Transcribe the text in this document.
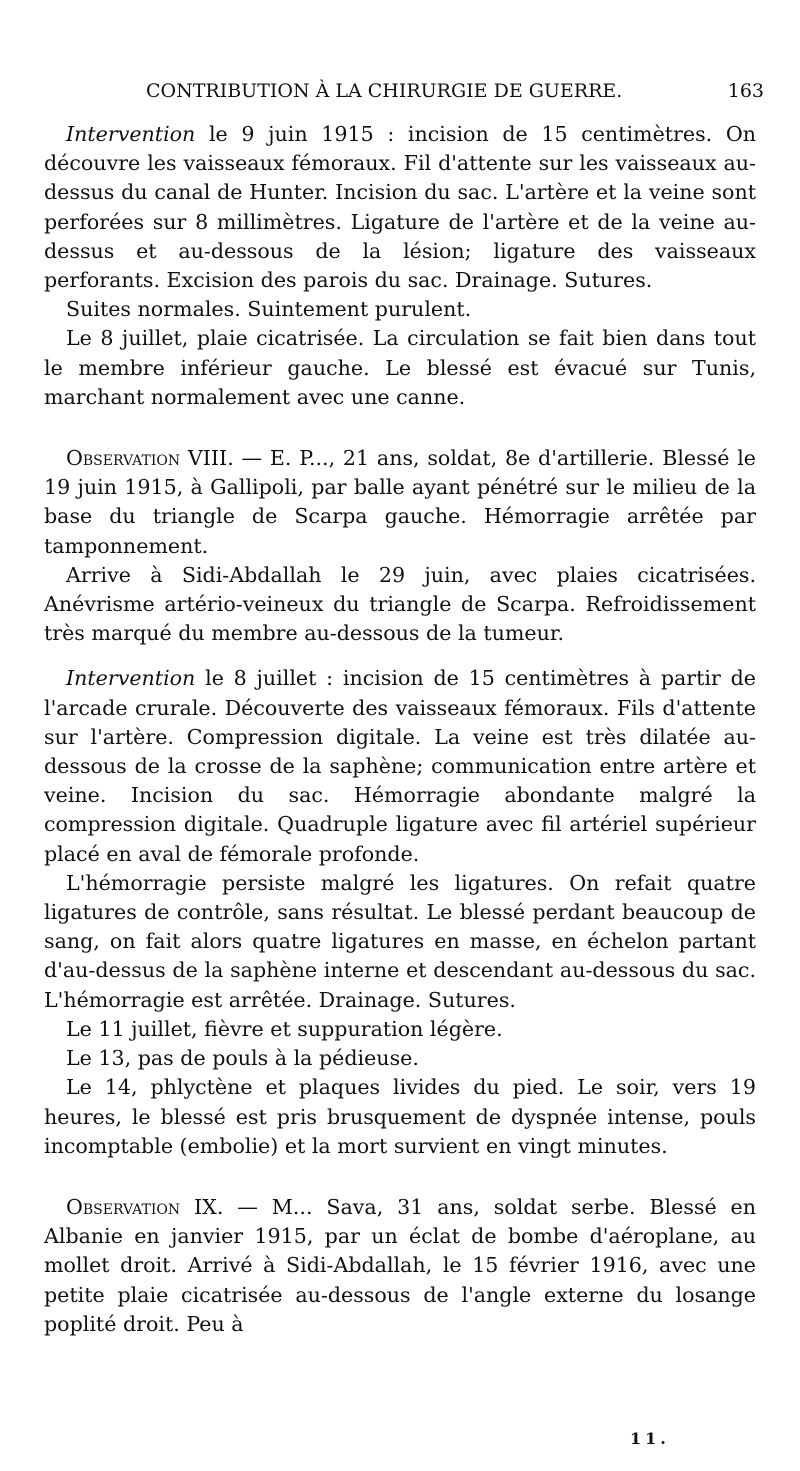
CONTRIBUTION À LA CHIRURGIE DE GUERRE.	163

Intervention le 9 juin 1915 : incision de 15 centimètres. On découvre les vaisseaux fémoraux. Fil d'attente sur les vaisseaux au-dessus du canal de Hunter. Incision du sac. L'artère et la veine sont perforées sur 8 millimètres. Ligature de l'artère et de la veine au-dessus et au-dessous de la lésion; ligature des vaisseaux perforants. Excision des parois du sac. Drainage. Sutures.

Suites normales. Suintement purulent.

Le 8 juillet, plaie cicatrisée. La circulation se fait bien dans tout le membre inférieur gauche. Le blessé est évacué sur Tunis, marchant normalement avec une canne.

Observation VIII. — E. P..., 21 ans, soldat, 8e d'artillerie. Blessé le 19 juin 1915, à Gallipoli, par balle ayant pénétré sur le milieu de la base du triangle de Scarpa gauche. Hémorragie arrêtée par tamponnement.

Arrive à Sidi-Abdallah le 29 juin, avec plaies cicatrisées. Anévrisme artério-veineux du triangle de Scarpa. Refroidissement très marqué du membre au-dessous de la tumeur.

Intervention le 8 juillet : incision de 15 centimètres à partir de l'arcade crurale. Découverte des vaisseaux fémoraux. Fils d'attente sur l'artère. Compression digitale. La veine est très dilatée au-dessous de la crosse de la saphène; communication entre artère et veine. Incision du sac. Hémorragie abondante malgré la compression digitale. Quadruple ligature avec fil artériel supérieur placé en aval de fémorale profonde.

L'hémorragie persiste malgré les ligatures. On refait quatre ligatures de contrôle, sans résultat. Le blessé perdant beaucoup de sang, on fait alors quatre ligatures en masse, en échelon partant d'au-dessus de la saphène interne et descendant au-dessous du sac. L'hémorragie est arrêtée. Drainage. Sutures.

Le 11 juillet, fièvre et suppuration légère.

Le 13, pas de pouls à la pédieuse.

Le 14, phlyctène et plaques livides du pied. Le soir, vers 19 heures, le blessé est pris brusquement de dyspnée intense, pouls incomptable (embolie) et la mort survient en vingt minutes.

Observation IX. — M... Sava, 31 ans, soldat serbe. Blessé en Albanie en janvier 1915, par un éclat de bombe d'aéroplane, au mollet droit. Arrivé à Sidi-Abdallah, le 15 février 1916, avec une petite plaie cicatrisée au-dessous de l'angle externe du losange poplité droit. Peu à

11.
